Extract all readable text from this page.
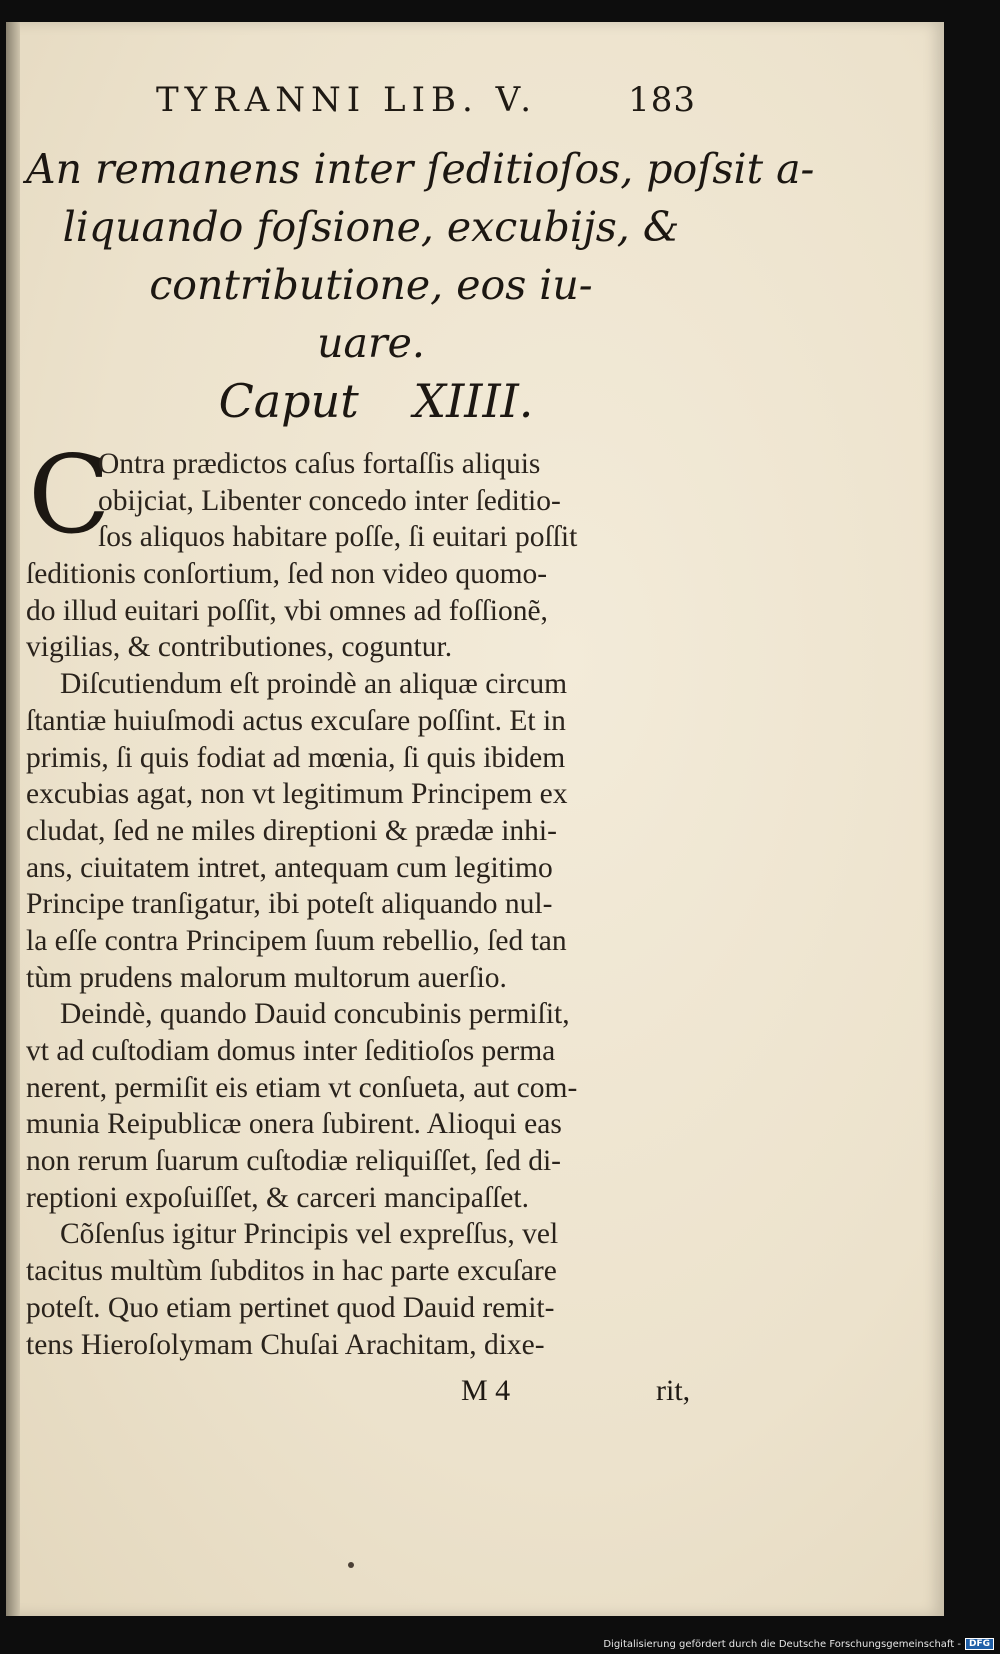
TYRANNI LIB. V.	183
An remanens inter ſeditioſos, poſsit a-
liquando foſsione, excubijs, &
contributione, eos iu-
uare.
Caput XIIII.
C
Ontra prædictos caſus fortaſſis aliquis
obijciat, Libenter concedo inter ſeditio-
ſos aliquos habitare poſſe, ſi euitari poſſit
ſeditionis conſortium, ſed non video quomo-
do illud euitari poſſit, vbi omnes ad foſſionẽ,
vigilias, & contributiones, coguntur.
Diſcutiendum eſt proindè an aliquæ circum
ſtantiæ huiuſmodi actus excuſare poſſint. Et in
primis, ſi quis fodiat ad mœnia, ſi quis ibidem
excubias agat, non vt legitimum Principem ex
cludat, ſed ne miles direptioni & prædæ inhi-
ans, ciuitatem intret, antequam cum legitimo
Principe tranſigatur, ibi poteſt aliquando nul-
la eſſe contra Principem ſuum rebellio, ſed tan
tùm prudens malorum multorum auerſio.
Deindè, quando Dauid concubinis permiſit,
vt ad cuſtodiam domus inter ſeditioſos perma
nerent, permiſit eis etiam vt conſueta, aut com-
munia Reipublicæ onera ſubirent. Alioqui eas
non rerum ſuarum cuſtodiæ reliquiſſet, ſed di-
reptioni expoſuiſſet, & carceri mancipaſſet.
Cõſenſus igitur Principis vel expreſſus, vel
tacitus multùm ſubditos in hac parte excuſare
poteſt. Quo etiam pertinet quod Dauid remit-
tens Hieroſolymam Chuſai Arachitam, dixe-
M 4	rit,
Digitalisierung gefördert durch die Deutsche Forschungsgemeinschaft - DFG
